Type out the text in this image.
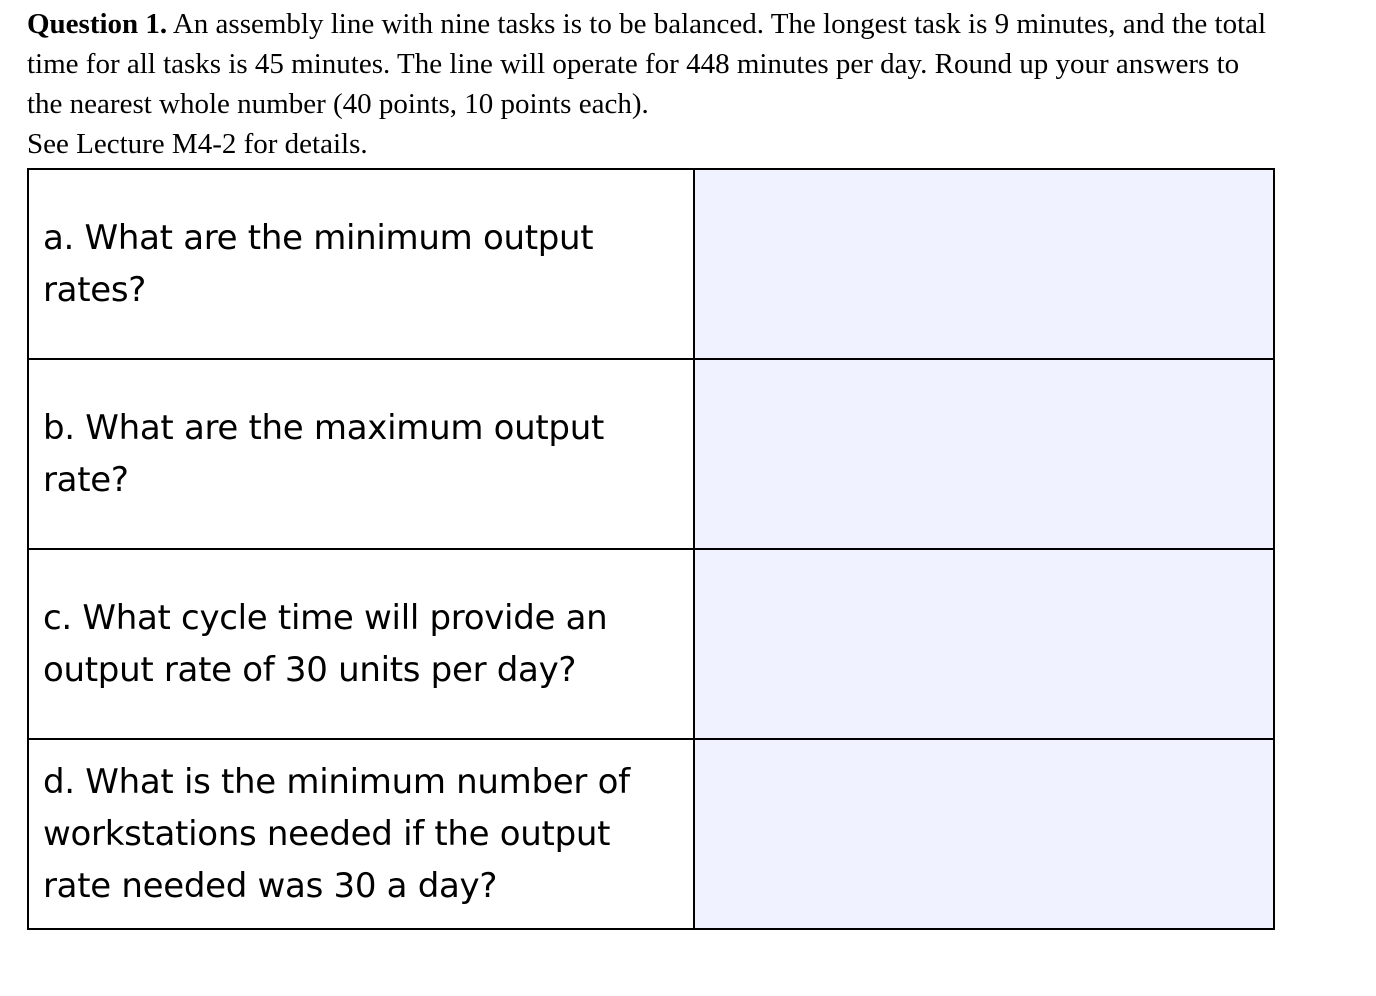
Question 1. An assembly line with nine tasks is to be balanced. The longest task is 9 minutes, and the total time for all tasks is 45 minutes. The line will operate for 448 minutes per day. Round up your answers to the nearest whole number (40 points, 10 points each).
See Lecture M4-2 for details.

a. What are the minimum output rates?	

b. What are the maximum output rate?	

c. What cycle time will provide an output rate of 30 units per day?	

d. What is the minimum number of workstations needed if the output rate needed was 30 a day?	
